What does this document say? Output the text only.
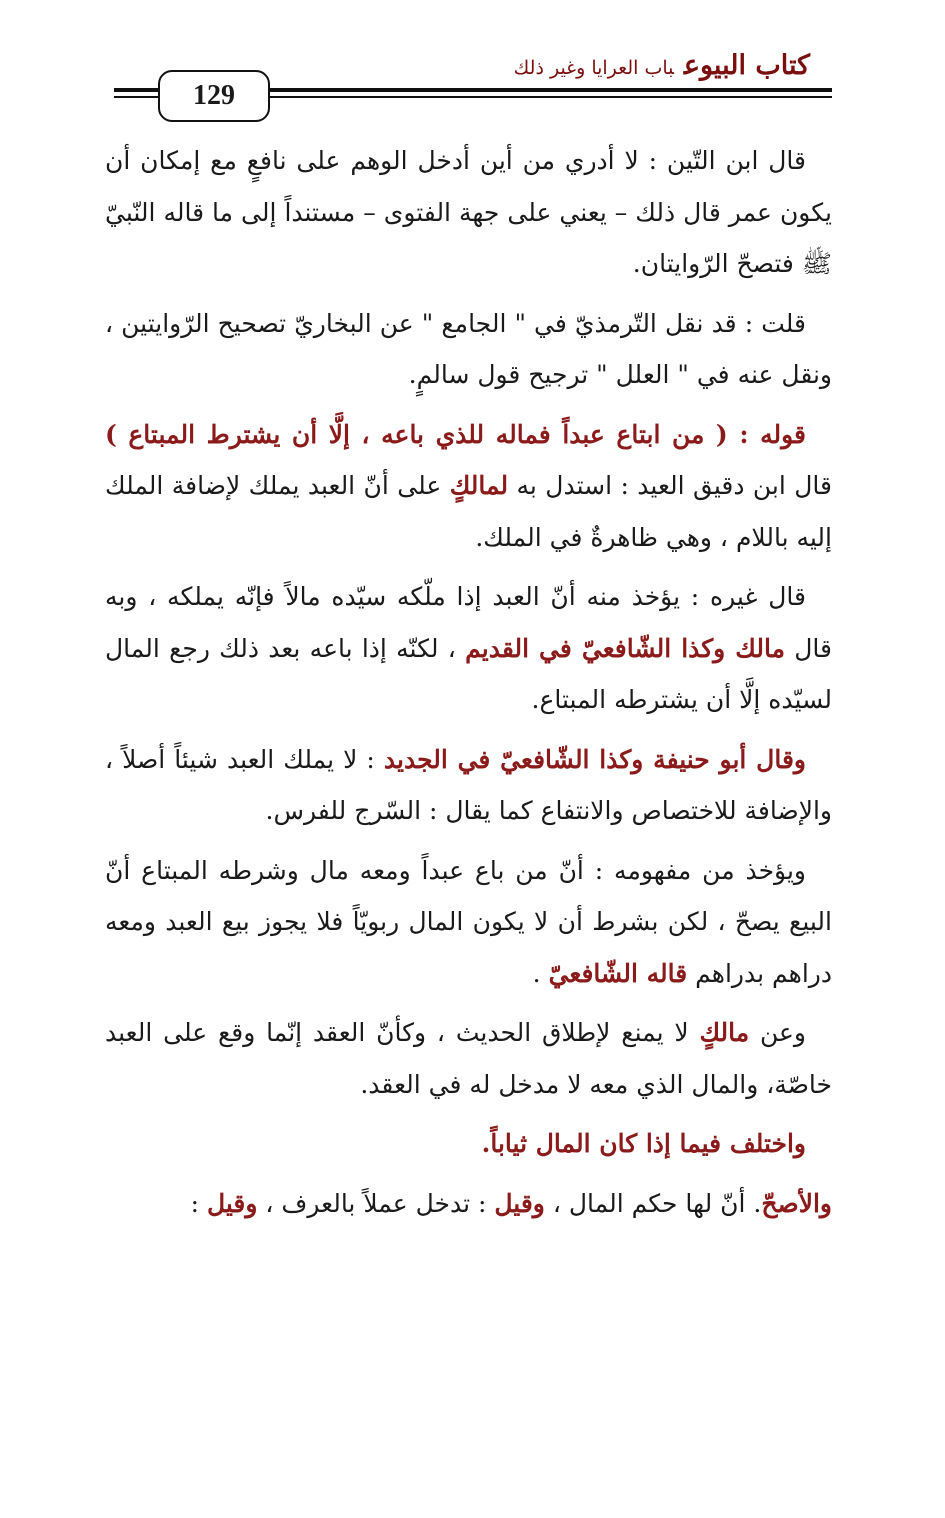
كتاب البيوعباب العرايا وغير ذلك
129

قال ابن التّين : لا أدري من أين أدخل الوهم على نافعٍ مع إمكان أن يكون عمر قال ذلك – يعني على جهة الفتوى – مستنداً إلى ما قاله النّبيّ ﷺ فتصحّ الرّوايتان.

قلت : قد نقل التّرمذيّ في " الجامع " عن البخاريّ تصحيح الرّوايتين ، ونقل عنه في " العلل " ترجيح قول سالمٍ.

قوله : ( من ابتاع عبداً فماله للذي باعه ، إلَّا أن يشترط المبتاع ) قال ابن دقيق العيد : استدل به لمالكٍ على أنّ العبد يملك لإضافة الملك إليه باللام ، وهي ظاهرةٌ في الملك.

قال غيره : يؤخذ منه أنّ العبد إذا ملّكه سيّده مالاً فإنّه يملكه ، وبه قال مالك وكذا الشّافعيّ في القديم ، لكنّه إذا باعه بعد ذلك رجع المال لسيّده إلَّا أن يشترطه المبتاع.

وقال أبو حنيفة وكذا الشّافعيّ في الجديد : لا يملك العبد شيئاً أصلاً ، والإضافة للاختصاص والانتفاع كما يقال : السّرج للفرس.

ويؤخذ من مفهومه : أنّ من باع عبداً ومعه مال وشرطه المبتاع أنّ البيع يصحّ ، لكن بشرط أن لا يكون المال ربويّاً فلا يجوز بيع العبد ومعه دراهم بدراهم قاله الشّافعيّ .

وعن مالكٍ لا يمنع لإطلاق الحديث ، وكأنّ العقد إنّما وقع على العبد خاصّة، والمال الذي معه لا مدخل له في العقد.

واختلف فيما إذا كان المال ثياباً.

والأصحّ. أنّ لها حكم المال ، وقيل : تدخل عملاً بالعرف ، وقيل :
